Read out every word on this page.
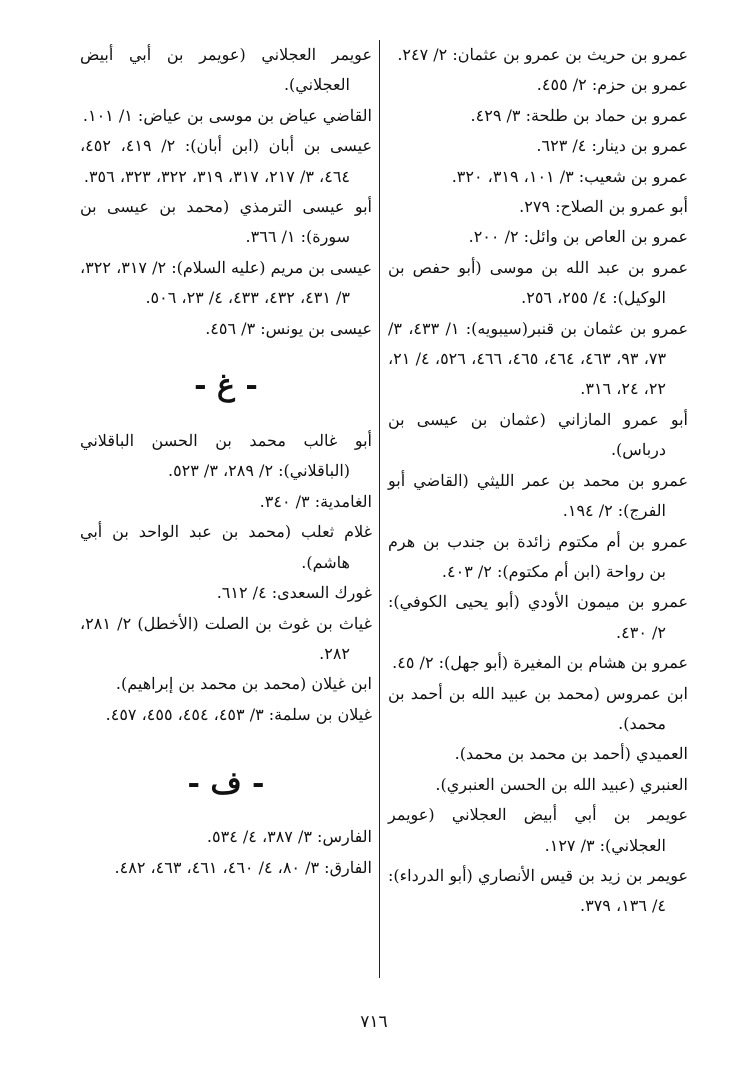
عمرو بن حريث بن عمرو بن عثمان: ٢/ ٢٤٧.
عمرو بن حزم: ٢/ ٤٥٥.
عمرو بن حماد بن طلحة: ٣/ ٤٢٩.
عمرو بن دينار: ٤/ ٦٢٣.
عمرو بن شعيب: ٣/ ١٠١، ٣١٩، ٣٢٠.
أبو عمرو بن الصلاح: ٢٧٩.
عمرو بن العاص بن وائل: ٢/ ٢٠٠.
عمرو بن عبد الله بن موسى (أبو حفص بن الوكيل): ٤/ ٢٥٥، ٢٥٦.
عمرو بن عثمان بن قنبر(سيبويه): ١/ ٤٣٣، ٣/ ٧٣، ٩٣، ٤٦٣، ٤٦٤، ٤٦٥، ٤٦٦، ٥٢٦، ٤/ ٢١، ٢٢، ٢٤، ٣١٦.
أبو عمرو المازاني (عثمان بن عيسى بن درباس).
عمرو بن محمد بن عمر الليثي (القاضي أبو الفرج): ٢/ ١٩٤.
عمرو بن أم مكتوم زائدة بن جندب بن هرم بن رواحة (ابن أم مكتوم): ٢/ ٤٠٣.
عمرو بن ميمون الأودي (أبو يحيى الكوفي): ٢/ ٤٣٠.
عمرو بن هشام بن المغيرة (أبو جهل): ٢/ ٤٥.
ابن عمروس (محمد بن عبيد الله بن أحمد بن محمد).
العميدي (أحمد بن محمد بن محمد).
العنبري (عبيد الله بن الحسن العنبري).
عويمر بن أبي أبيض العجلاني (عويمر العجلاني): ٣/ ١٢٧.
عويمر بن زيد بن قيس الأنصاري (أبو الدرداء): ٤/ ١٣٦، ٣٧٩.
عويمر العجلاني (عويمر بن أبي أبيض العجلاني).
القاضي عياض بن موسى بن عياض: ١/ ١٠١.
عيسى بن أبان (ابن أبان): ٢/ ٤١٩، ٤٥٢، ٤٦٤، ٣/ ٢١٧، ٣١٧، ٣١٩، ٣٢٢، ٣٢٣، ٣٥٦.
أبو عيسى الترمذي (محمد بن عيسى بن سورة): ١/ ٣٦٦.
عيسى بن مريم (عليه السلام): ٢/ ٣١٧، ٣٢٢، ٣/ ٤٣١، ٤٣٢، ٤٣٣، ٤/ ٢٣، ٥٠٦.
عيسى بن يونس: ٣/ ٤٥٦.
- غ -
أبو غالب محمد بن الحسن الباقلاني (الباقلاني): ٢/ ٢٨٩، ٣/ ٥٢٣.
الغامدية: ٣/ ٣٤٠.
غلام ثعلب (محمد بن عبد الواحد بن أبي هاشم).
غورك السعدى: ٤/ ٦١٢.
غياث بن غوث بن الصلت (الأخطل) ٢/ ٢٨١، ٢٨٢.
ابن غيلان (محمد بن محمد بن إبراهيم).
غيلان بن سلمة: ٣/ ٤٥٣، ٤٥٤، ٤٥٥، ٤٥٧.
- ف -
الفارس: ٣/ ٣٨٧، ٤/ ٥٣٤.
الفارق: ٣/ ٨٠، ٤/ ٤٦٠، ٤٦١، ٤٦٣، ٤٨٢.
٧١٦
